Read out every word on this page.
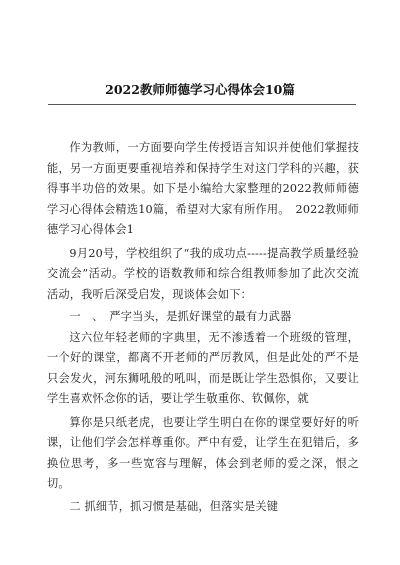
2022教师师德学习心得体会10篇

作为教师，一方面要向学生传授语言知识并使他们掌握技能，另一方面更要重视培养和保持学生对这门学科的兴趣，获得事半功倍的效果。如下是小编给大家整理的2022教师师德学习心得体会精选10篇，希望对大家有所作用。　2022教师师德学习心得体会1

9月20号，学校组织了“我的成功点-----提高教学质量经验交流会”活动。学校的语数教师和综合组教师参加了此次交流活动，我听后深受启发，现谈体会如下：

一　、　严字当头，是抓好课堂的最有力武器

这六位年轻老师的字典里，无不渗透着一个班级的管理，一个好的课堂，都离不开老师的严厉教风，但是此处的严不是只会发火，河东狮吼般的吼叫，而是既让学生恐惧你，又要让学生喜欢怀念你的话，要让学生敬重你、钦佩你，就

算你是只纸老虎，也要让学生明白在你的课堂要好好的听课，让他们学会怎样尊重你。严中有爱，让学生在犯错后，多换位思考，多一些宽容与理解，体会到老师的爱之深，恨之切。

二 抓细节，抓习惯是基础，但落实是关键
